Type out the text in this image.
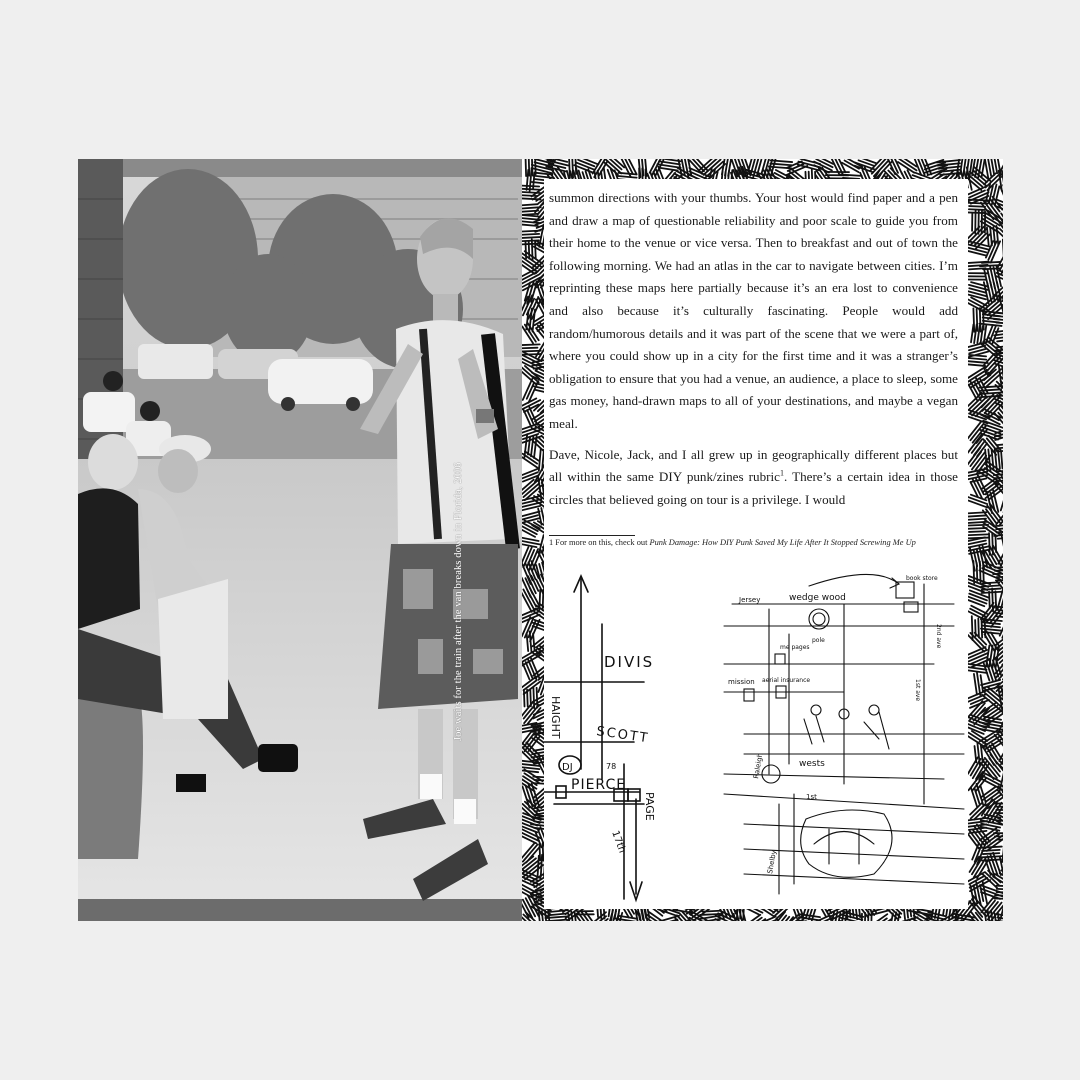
Joe waits for the train after the van breaks down in Florida, 2006

summon directions with your thumbs. Your host would find paper and a pen and draw a map of questionable reliability and poor scale to guide you from their home to the venue or vice versa. Then to breakfast and out of town the following morning. We had an atlas in the car to navigate between cities. I’m reprinting these maps here partially because it’s an era lost to convenience and also because it’s culturally fascinating. People would add random/humorous details and it was part of the scene that we were a part of, where you could show up in a city for the first time and it was a stranger’s obligation to ensure that you had a venue, an audience, a place to sleep, some gas money, hand-drawn maps to all of your destinations, and maybe a vegan meal.

Dave, Nicole, Jack, and I all grew up in geographically different places but all within the same DIY punk/zines rubric$^1$. There’s a certain idea in those circles that believed going on tour is a privilege. I would

1 For more on this, check out Punk Damage: How DIY Punk Saved My Life After It Stopped Screwing Me Up
DIVIS
SCOTT
HAIGHT
PIERCE
PAGE
17th
DJ	78
wedge wood
book store
me pages
mission aerial insurance
1st
wests
Shelby
Raleigh
Jersey
1st ave
2nd ave
pole
